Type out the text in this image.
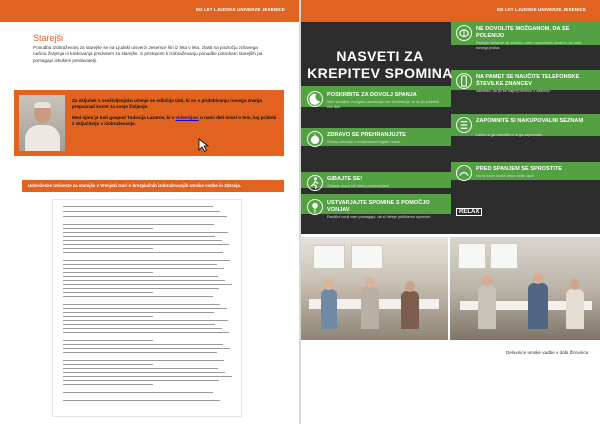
ED LET LJUDSKE UNIVERZE JESENICE
Starejši
Ponudba izobraževanj za starejše se na Ljudski univerzi Jesenice širi iz leta v leto, zlasti na področju zdravega načina življenja in krekovanja predvsem za starejše. S pristopom k izobraževanju ponudbe potrebam starejših pa pomagajo izkušeni predavatelji.

Za sključek v vseživljenjsko učenje se odločijo tisti, ki so v pridobivanju novega znanja prepoznali korist za svoje življenje.

Med njimi je tudi gospod Todosija Lazarov, ki v videoizjavi o nami deli misel o tem, kaj pridobi z vključitvijo v izobraževanje.

Udeleženke Univerze za starejše v Vrenjski Gori o brezplačnih izobraževanjih Umske vedbe in Zdravja.
ED LET LJUDSKE UNIVERZE JESENICE
NASVETI ZA KREPITEV SPOMINA
POSKRBITE ZA DOVOLJ SPANJA
Med spanjem možgani razvrščajo vse informacije, ki so jih pridobili čez dan.
ZDRAVO SE PREHRANJUJTE
Redna uživanje z maščobami bogate hrane.
GIBAJTE SE!
Gibanje mora biti dobro prekrvavljeni
USTVARJAJTE SPOMINE S POMOČJO VONJAV
Različni vonji nam pomagajo, da si hitreje priklicemo spomine.
NE DOVOLITE MOŽGANOM, DA SE POLENIJO
Rebujte križanke ali sudoku, ucite nepoznanih stvari in se ucite novega jezika.
NA PAMET SE NAUČITE TELEFONSKE ŠTEVILKE ZNANCEV
namesto, da jih še naprej beremo z zaslona.
ZAPOMNITE SI NAKUPOVALNI SEZNAM
Lahko si ga naredite in si ga zapomnite.
PRED SPANJEM SE SPROSTITE
Na ta način boste lahko bolje spali.
RELAX
Delavnice umske vadbe v dobi Žirovnica
